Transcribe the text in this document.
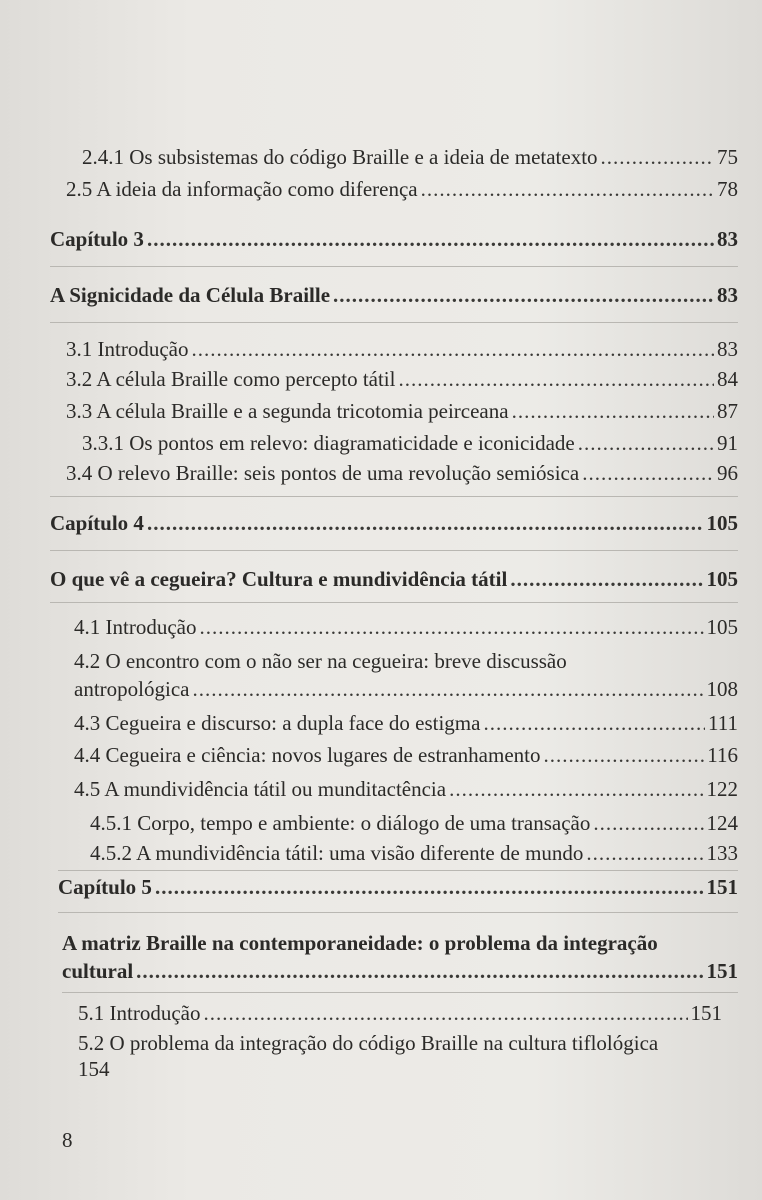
2.4.1 Os subsistemas do código Braille e a ideia de metatexto .....	75
2.5 A ideia da informação como diferença .....	78
Capítulo 3 .....	83
A Signicidade da Célula Braille .....	83
3.1 Introdução .....	83
3.2 A célula Braille como percepto tátil .....	84
3.3 A célula Braille e a segunda tricotomia peirceana .....	87
3.3.1 Os pontos em relevo: diagramaticidade e iconicidade .....	91
3.4 O relevo Braille: seis pontos de uma revolução semiósica .....	96
Capítulo 4 .....	105
O que vê a cegueira? Cultura e mundividência tátil .....	105
4.1 Introdução .....	105
4.2 O encontro com o não ser na cegueira: breve discussão
antropológica .....	108
4.3 Cegueira e discurso: a dupla face do estigma .....	111
4.4 Cegueira e ciência: novos lugares de estranhamento .....	116
4.5 A mundividência tátil ou munditactência .....	122
4.5.1 Corpo, tempo e ambiente: o diálogo de uma transação .....	124
4.5.2 A mundividência tátil: uma visão diferente de mundo .....	133
Capítulo 5 .....	151
A matriz Braille na contemporaneidade: o problema da integração
cultural .....	151
5.1 Introdução .....	151
5.2 O problema da integração do código Braille na cultura tiflológica
154
8
